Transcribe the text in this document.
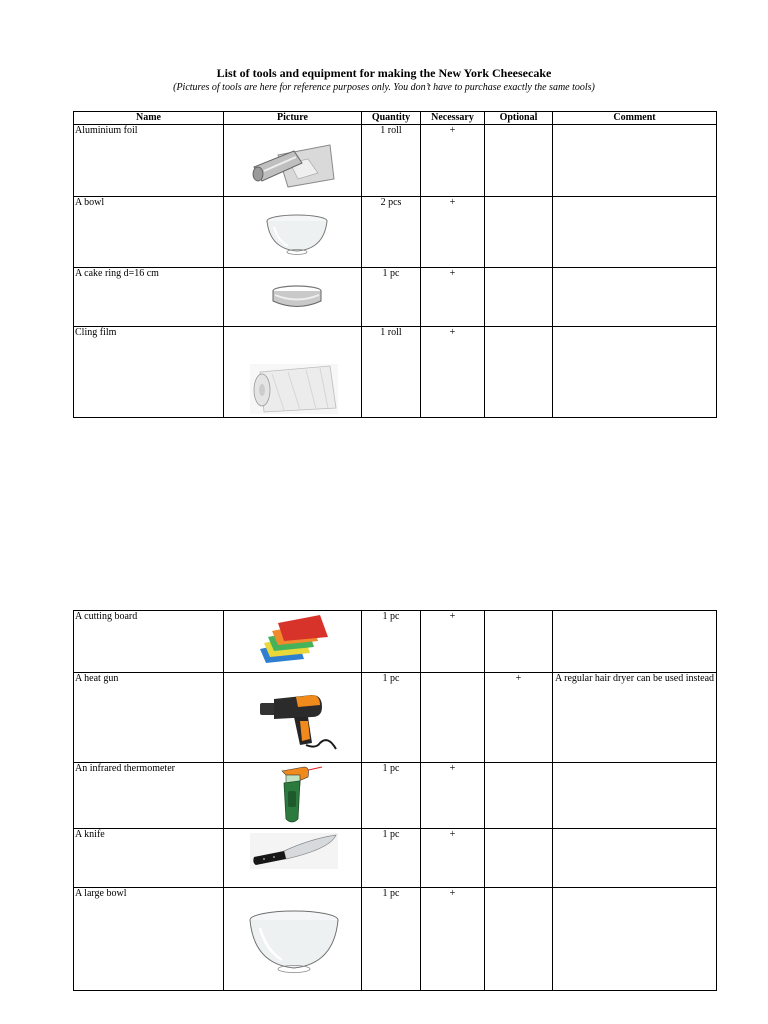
List of tools and equipment for making the New York Cheesecake
(Pictures of tools are here for reference purposes only. You don’t have to purchase exactly the same tools)
Name	Picture	Quantity	Necessary	Optional	Comment
Aluminium foil		1 roll	+		
A bowl		2 pcs	+		
A cake ring d=16 cm		1 pc	+		
Cling film		1 roll	+		
A cutting board		1 pc	+		
A heat gun		1 pc		+	A regular hair dryer can be used instead
An infrared thermometer		1 pc	+		
A knife		1 pc	+		
A large bowl		1 pc	+		
